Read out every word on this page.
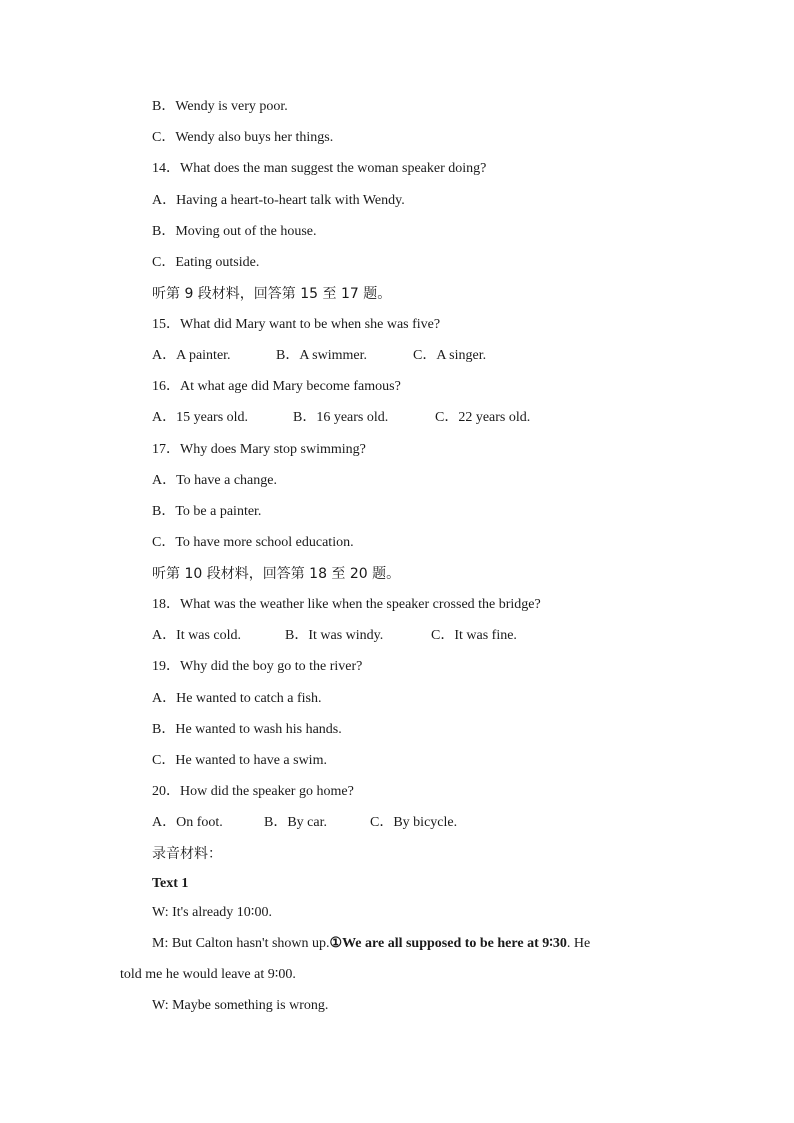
B．Wendy is very poor.
C．Wendy also buys her things.
14．What does the man suggest the woman speaker doing?
A．Having a heart-to-heart talk with Wendy.
B．Moving out of the house.
C．Eating outside.
听第 9 段材料，回答第 15 至 17 题。
15．What did Mary want to be when she was five?
A．A painter.	B．A swimmer.	C．A singer.
16．At what age did Mary become famous?
A．15 years old.	B．16 years old.	C．22 years old.
17．Why does Mary stop swimming?
A．To have a change.
B．To be a painter.
C．To have more school education.
听第 10 段材料，回答第 18 至 20 题。
18．What was the weather like when the speaker crossed the bridge?
A．It was cold.	B．It was windy.	C．It was fine.
19．Why did the boy go to the river?
A．He wanted to catch a fish.
B．He wanted to wash his hands.
C．He wanted to have a swim.
20．How did the speaker go home?
A．On foot.	B．By car.	C．By bicycle.
录音材料：
Text 1
W: It's already 10∶00.
M: But Calton hasn't shown up.①We are all supposed to be here at 9∶30. He
told me he would leave at 9∶00.
W: Maybe something is wrong.
